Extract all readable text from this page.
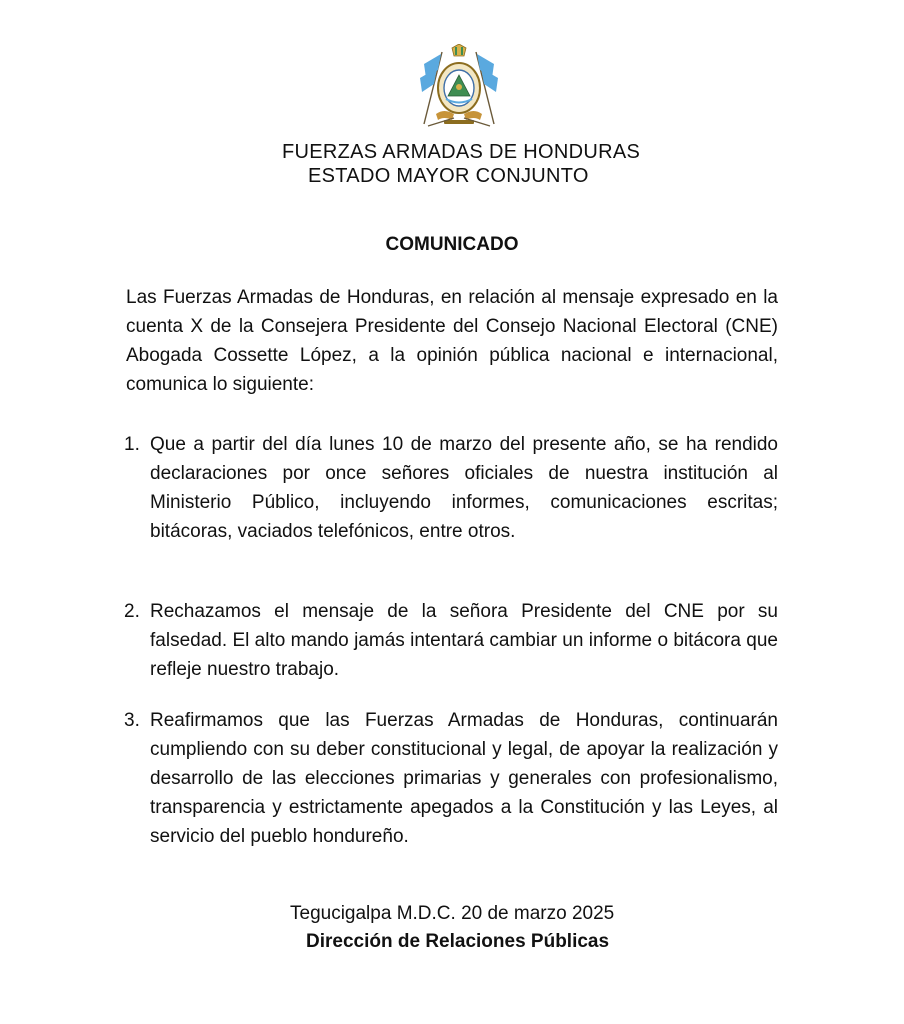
FUERZAS ARMADAS DE HONDURAS
ESTADO MAYOR CONJUNTO
COMUNICADO
Las Fuerzas Armadas de Honduras, en relación al mensaje expresado en la cuenta X de la Consejera Presidente del Consejo Nacional Electoral (CNE) Abogada Cossette López, a la opinión pública nacional e internacional, comunica lo siguiente:
1. Que a partir del día lunes 10 de marzo del presente año, se ha rendido declaraciones por once señores oficiales de nuestra institución al Ministerio Público, incluyendo informes, comunicaciones escritas; bitácoras, vaciados telefónicos, entre otros.
2. Rechazamos el mensaje de la señora Presidente del CNE por su falsedad. El alto mando jamás intentará cambiar un informe o bitácora que refleje nuestro trabajo.
3. Reafirmamos que las Fuerzas Armadas de Honduras, continuarán cumpliendo con su deber constitucional y legal, de apoyar la realización y desarrollo de las elecciones primarias y generales con profesionalismo, transparencia y estrictamente apegados a la Constitución y las Leyes, al servicio del pueblo hondureño.
Tegucigalpa M.D.C. 20 de marzo 2025
Dirección de Relaciones Públicas
